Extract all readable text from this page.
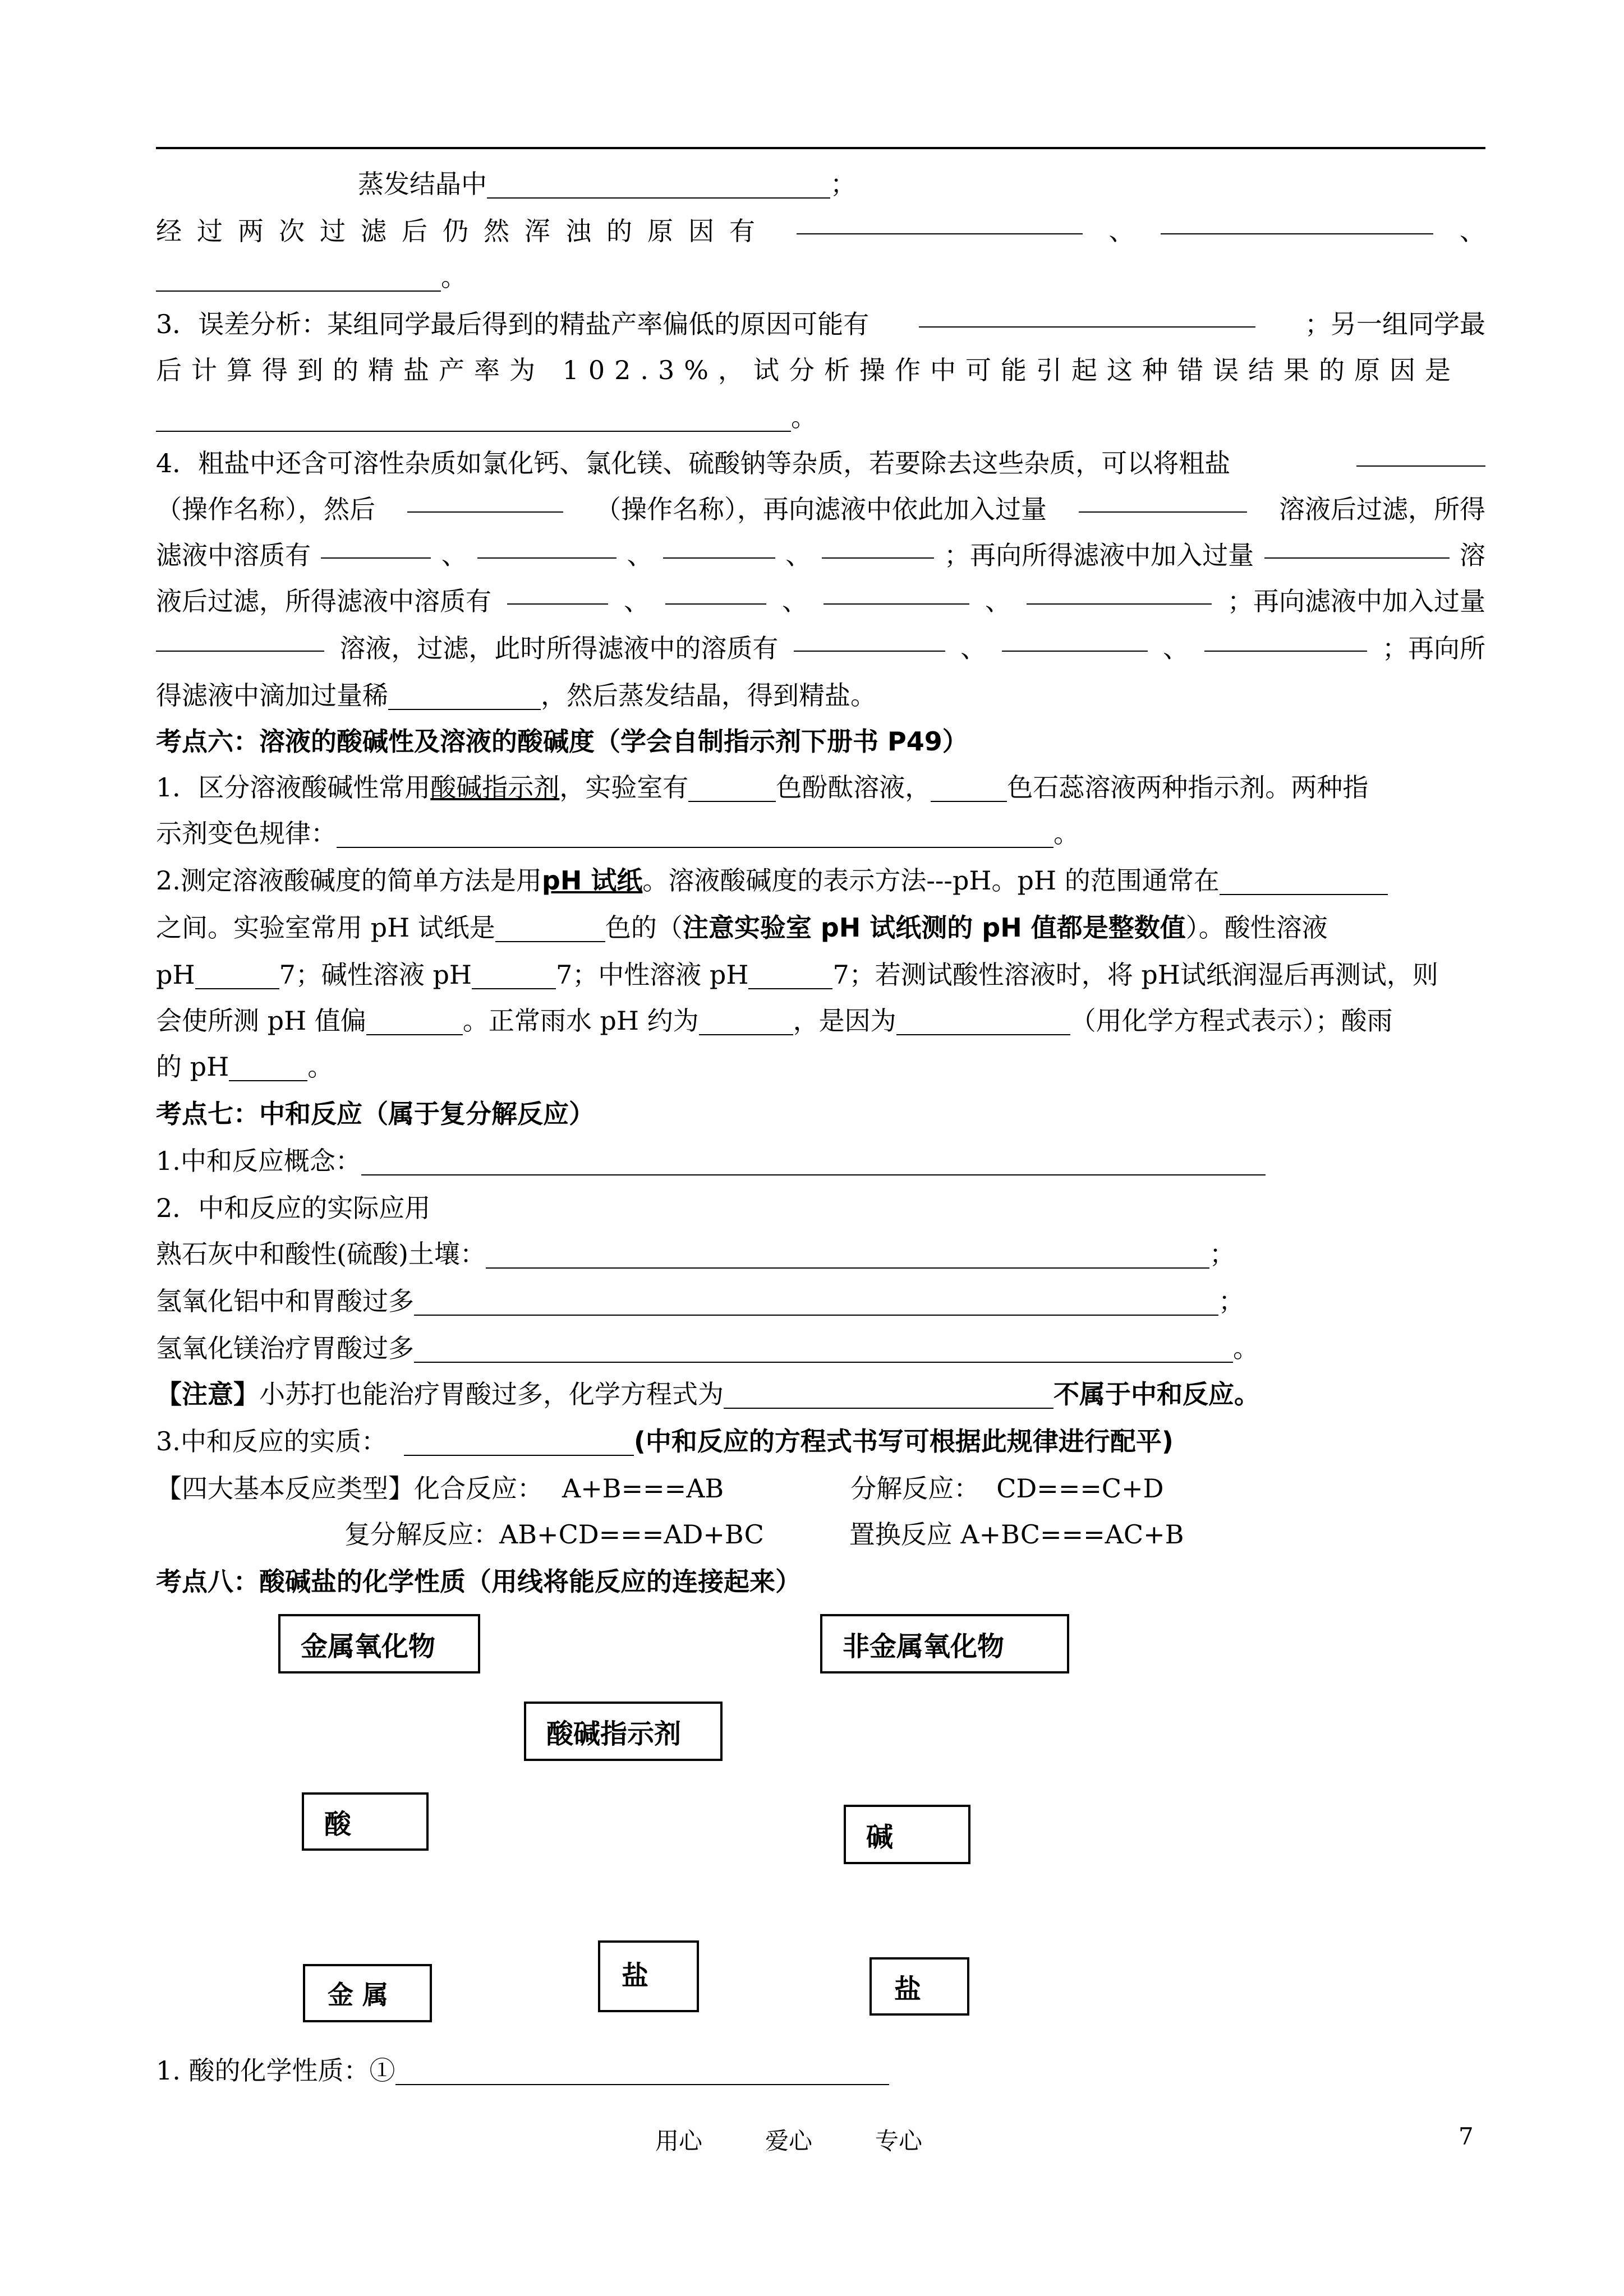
蒸发结晶中	；
经过两次过滤后仍然浑浊的原因有	、	、
。
3．误差分析：某组同学最后得到的精盐产率偏低的原因可能有	；另一组同学最
后计算得到的精盐产率为 102.3%，试分析操作中可能引起这种错误结果的原因是
。
4．粗盐中还含可溶性杂质如氯化钙、氯化镁、硫酸钠等杂质，若要除去这些杂质，可以将粗盐
（操作名称），然后	（操作名称），再向滤液中依此加入过量	溶液后过滤，所得
滤液中溶质有	、	、	、	；再向所得滤液中加入过量	溶
液后过滤，所得滤液中溶质有	、	、	、	；再向滤液中加入过量
溶液，过滤，此时所得滤液中的溶质有	、	、	；再向所
得滤液中滴加过量稀	，然后蒸发结晶，得到精盐。
考点六：溶液的酸碱性及溶液的酸碱度（学会自制指示剂下册书 P49）
1．区分溶液酸碱性常用酸碱指示剂，实验室有	色酚酞溶液，	色石蕊溶液两种指示剂。两种指
示剂变色规律：	。
2.测定溶液酸碱度的简单方法是用pH 试纸。溶液酸碱度的表示方法---pH。pH 的范围通常在
之间。实验室常用 pH 试纸是	色的（注意实验室 pH 试纸测的 pH 值都是整数值）。酸性溶液
pH	7；碱性溶液 pH	7；中性溶液 pH	7；若测试酸性溶液时，将 pH试纸润湿后再测试，则
会使所测 pH 值偏	。正常雨水 pH 约为	，是因为	（用化学方程式表示）；酸雨
的 pH	。
考点七：中和反应（属于复分解反应）
1.中和反应概念：
2．中和反应的实际应用
熟石灰中和酸性(硫酸)土壤：	；
氢氧化铝中和胃酸过多	；
氢氧化镁治疗胃酸过多	。
【注意】小苏打也能治疗胃酸过多，化学方程式为	不属于中和反应。
3.中和反应的实质：	(中和反应的方程式书写可根据此规律进行配平)
【四大基本反应类型】化合反应： A+B===AB	分解反应： CD===C+D
复分解反应：AB+CD===AD+BC	置换反应 A+BC===AC+B
考点八：酸碱盐的化学性质（用线将能反应的连接起来）
金属氧化物	非金属氧化物
酸碱指示剂
酸	碱
金 属
盐	盐
1. 酸的化学性质：①
用心	爱心	专心	7
